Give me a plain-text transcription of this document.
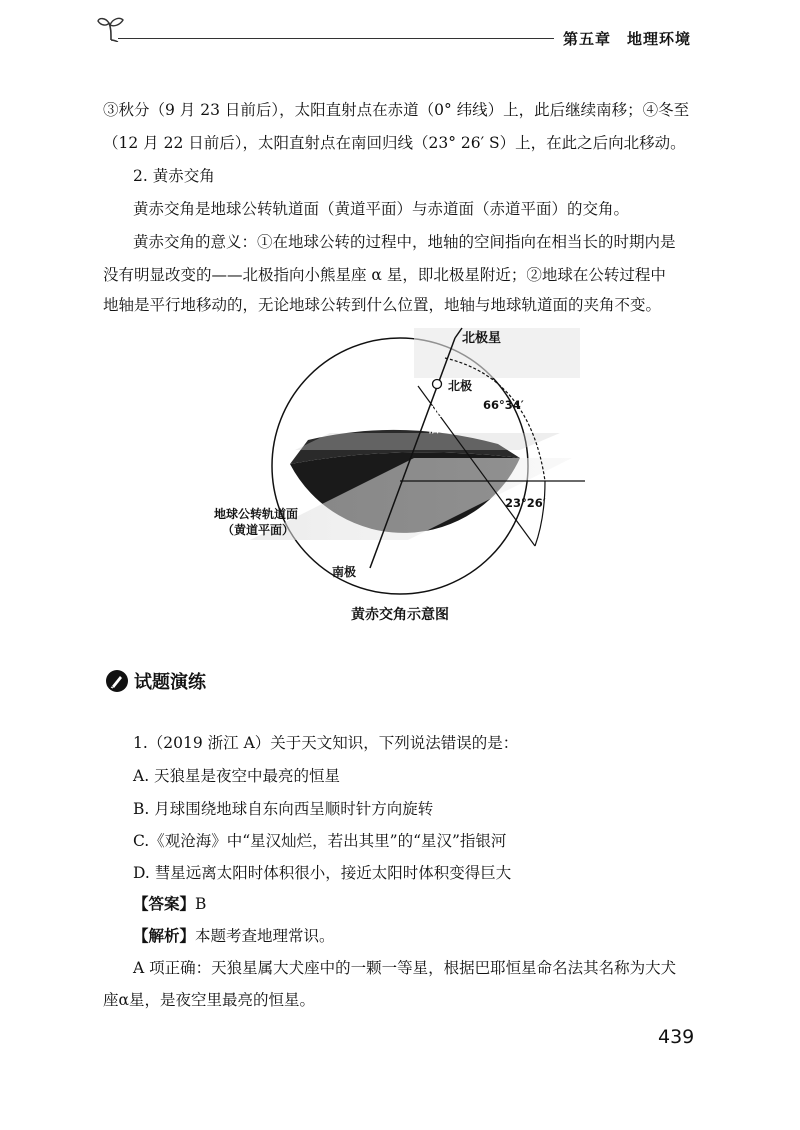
第五章 地理环境
③秋分（9 月 23 日前后），太阳直射点在赤道（0° 纬线）上，此后继续南移；④冬至
（12 月 22 日前后），太阳直射点在南回归线（23° 26′ S）上，在此之后向北移动。
2. 黄赤交角
黄赤交角是地球公转轨道面（黄道平面）与赤道面（赤道平面）的交角。
黄赤交角的意义：①在地球公转的过程中，地轴的空间指向在相当长的时期内是
没有明显改变的——北极指向小熊星座 α 星，即北极星附近；②地球在公转过程中
地轴是平行地移动的，无论地球公转到什么位置，地轴与地球轨道面的夹角不变。
北极星
北极
地
轴
66°34′
23°26′
地球公转轨道面
（黄道平面）
南极
黄赤交角示意图
试题演练
1.（2019 浙江 A）关于天文知识，下列说法错误的是：
A. 天狼星是夜空中最亮的恒星
B. 月球围绕地球自东向西呈顺时针方向旋转
C.《观沧海》中“星汉灿烂，若出其里”的“星汉”指银河
D. 彗星远离太阳时体积很小，接近太阳时体积变得巨大
【答案】B
【解析】本题考查地理常识。
A 项正确：天狼星属大犬座中的一颗一等星，根据巴耶恒星命名法其名称为大犬
座α星，是夜空里最亮的恒星。
439
